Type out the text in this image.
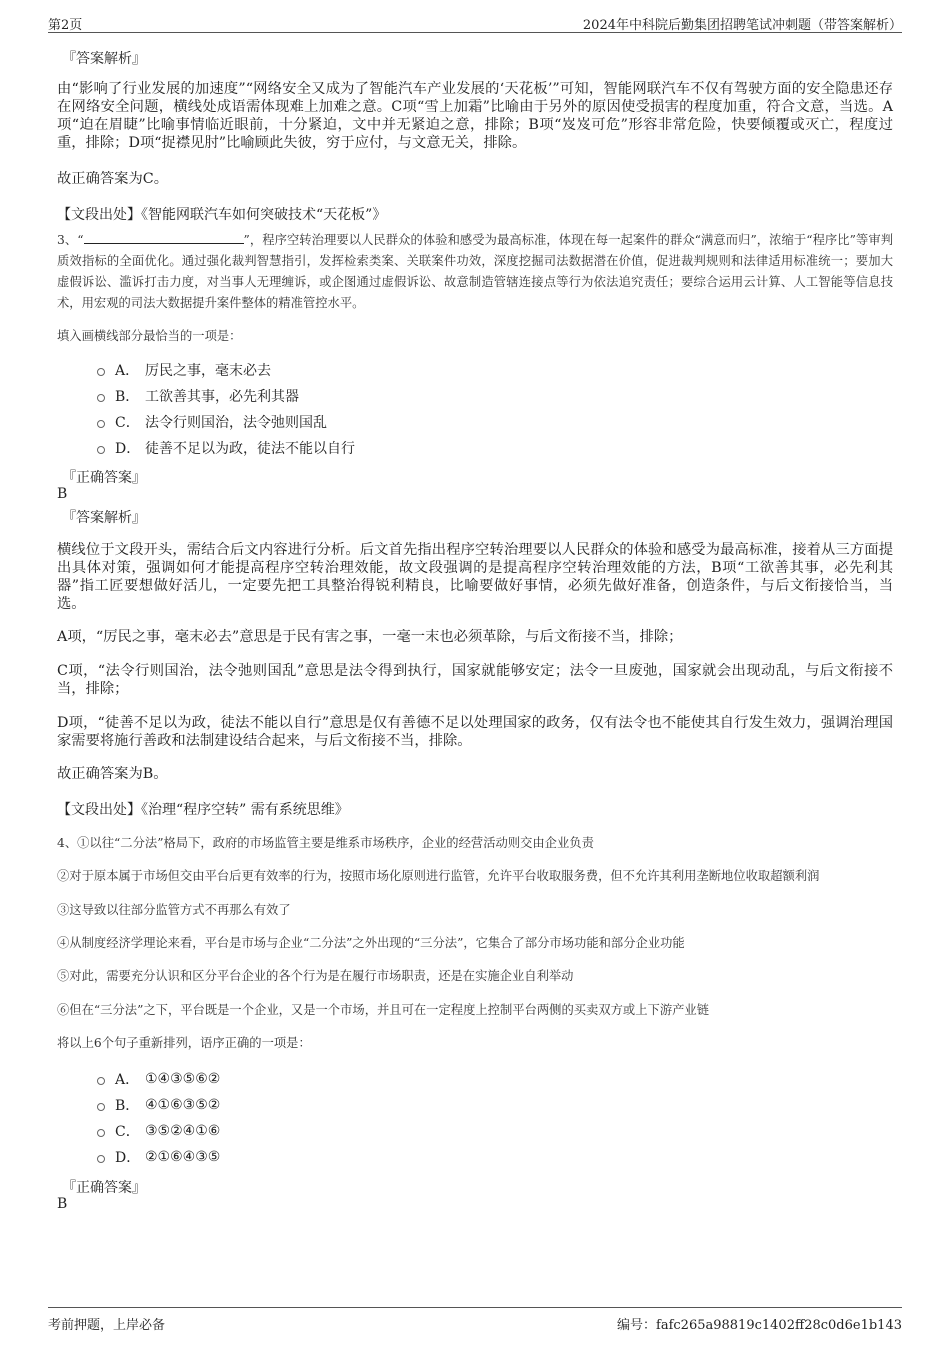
第2页	2024年中科院后勤集团招聘笔试冲刺题（带答案解析）
『答案解析』
由“影响了行业发展的加速度”“网络安全又成为了智能汽车产业发展的‘天花板’”可知，智能网联汽车不仅有驾驶方面的安全隐患还存在网络安全问题，横线处成语需体现难上加难之意。C项“雪上加霜”比喻由于另外的原因使受损害的程度加重，符合文意，当选。A项“迫在眉睫”比喻事情临近眼前，十分紧迫，文中并无紧迫之意，排除；B项“岌岌可危”形容非常危险，快要倾覆或灭亡，程度过重，排除；D项“捉襟见肘”比喻顾此失彼，穷于应付，与文意无关，排除。
故正确答案为C。
【文段出处】《智能网联汽车如何突破技术“天花板”》
3、“	”，程序空转治理要以人民群众的体验和感受为最高标准，体现在每一起案件的群众“满意而归”，浓缩于“程序比”等审判质效指标的全面优化。通过强化裁判智慧指引，发挥检索类案、关联案件功效，深度挖掘司法数据潜在价值，促进裁判规则和法律适用标准统一；要加大虚假诉讼、滥诉打击力度，对当事人无理缠诉，或企图通过虚假诉讼、故意制造管辖连接点等行为依法追究责任；要综合运用云计算、人工智能等信息技术，用宏观的司法大数据提升案件整体的精准管控水平。
填入画横线部分最恰当的一项是：
A． 厉民之事，毫末必去
B． 工欲善其事，必先利其器
C． 法令行则国治，法令弛则国乱
D． 徒善不足以为政，徒法不能以自行
『正确答案』
B
『答案解析』
横线位于文段开头，需结合后文内容进行分析。后文首先指出程序空转治理要以人民群众的体验和感受为最高标准，接着从三方面提出具体对策，强调如何才能提高程序空转治理效能，故文段强调的是提高程序空转治理效能的方法，B项“工欲善其事，必先利其器”指工匠要想做好活儿，一定要先把工具整治得锐利精良，比喻要做好事情，必须先做好准备，创造条件，与后文衔接恰当，当选。
A项，“厉民之事，毫末必去”意思是于民有害之事，一毫一末也必须革除，与后文衔接不当，排除；
C项，“法令行则国治，法令弛则国乱”意思是法令得到执行，国家就能够安定；法令一旦废弛，国家就会出现动乱，与后文衔接不当，排除；
D项，“徒善不足以为政，徒法不能以自行”意思是仅有善德不足以处理国家的政务，仅有法令也不能使其自行发生效力，强调治理国家需要将施行善政和法制建设结合起来，与后文衔接不当，排除。
故正确答案为B。
【文段出处】《治理“程序空转” 需有系统思维》
4、①以往“二分法”格局下，政府的市场监管主要是维系市场秩序，企业的经营活动则交由企业负责
②对于原本属于市场但交由平台后更有效率的行为，按照市场化原则进行监管，允许平台收取服务费，但不允许其利用垄断地位收取超额利润
③这导致以往部分监管方式不再那么有效了
④从制度经济学理论来看，平台是市场与企业“二分法”之外出现的“三分法”，它集合了部分市场功能和部分企业功能
⑤对此，需要充分认识和区分平台企业的各个行为是在履行市场职责，还是在实施企业自利举动
⑥但在“三分法”之下，平台既是一个企业，又是一个市场，并且可在一定程度上控制平台两侧的买卖双方或上下游产业链
将以上6个句子重新排列，语序正确的一项是：
A． ①④③⑤⑥②
B． ④①⑥③⑤②
C． ③⑤②④①⑥
D． ②①⑥④③⑤
『正确答案』
B
考前押题，上岸必备	编号：fafc265a98819c1402ff28c0d6e1b143
